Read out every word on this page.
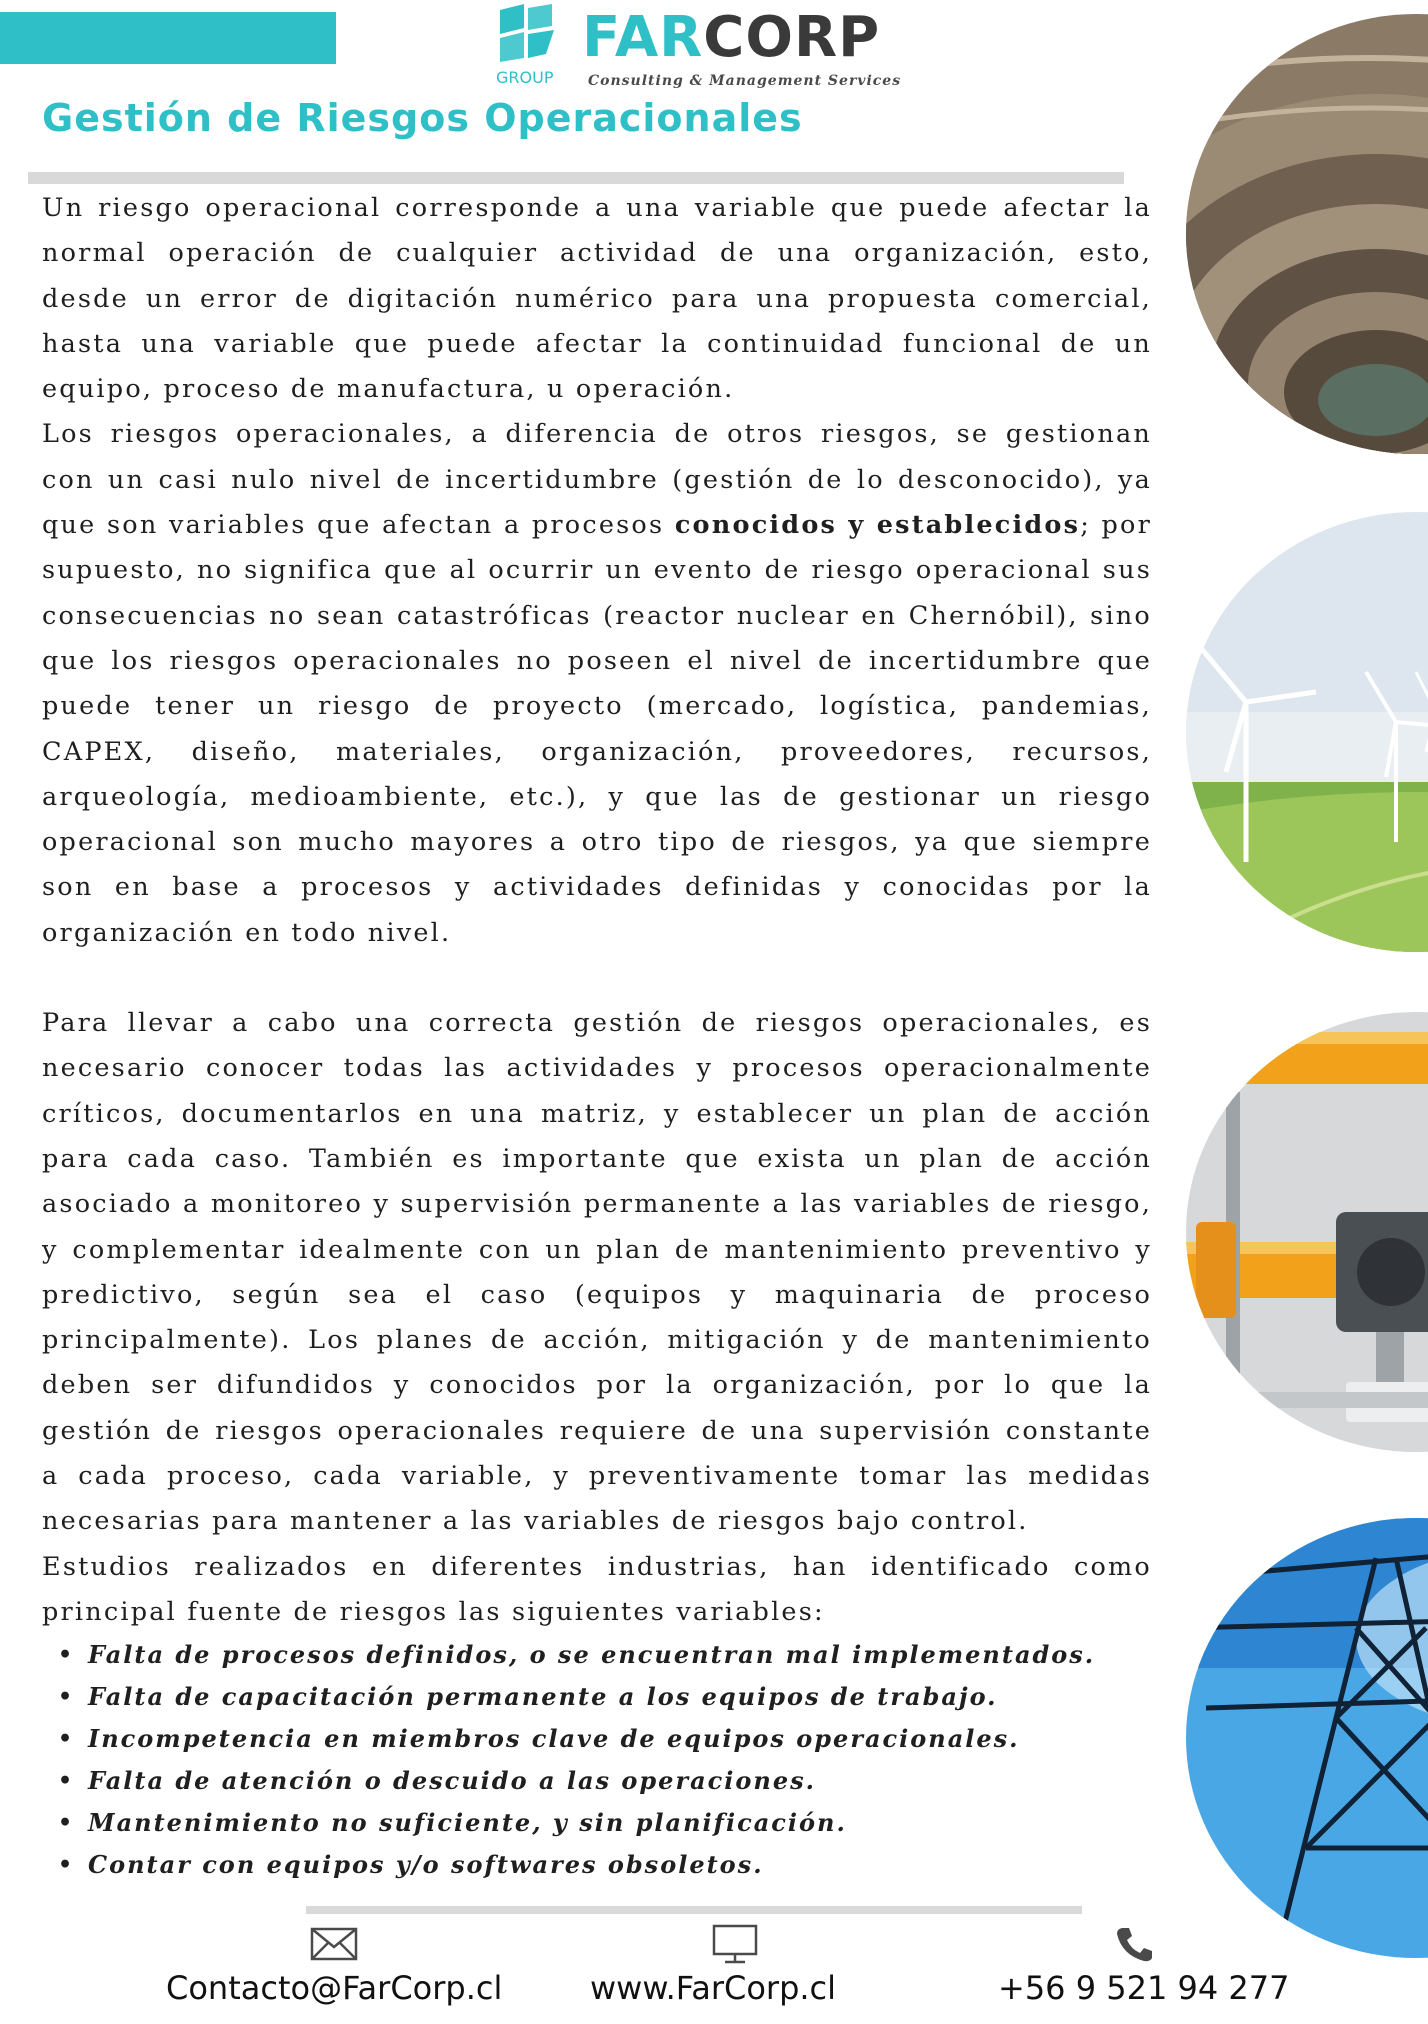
FARCORP
GROUP Consulting & Management Services
Gestión de Riesgos Operacionales

Un riesgo operacional corresponde a una variable que puede afectar la normal operación de cualquier actividad de una organización, esto, desde un error de digitación numérico para una propuesta comercial, hasta una variable que puede afectar la continuidad funcional de un equipo, proceso de manufactura, u operación.

Los riesgos operacionales, a diferencia de otros riesgos, se gestionan con un casi nulo nivel de incertidumbre (gestión de lo desconocido), ya que son variables que afectan a procesos conocidos y establecidos; por supuesto, no significa que al ocurrir un evento de riesgo operacional sus consecuencias no sean catastróficas (reactor nuclear en Chernóbil), sino que los riesgos operacionales no poseen el nivel de incertidumbre que puede tener un riesgo de proyecto (mercado, logística, pandemias, CAPEX, diseño, materiales, organización, proveedores, recursos, arqueología, medioambiente, etc.), y que las de gestionar un riesgo operacional son mucho mayores a otro tipo de riesgos, ya que siempre son en base a procesos y actividades definidas y conocidas por la organización en todo nivel.

Para llevar a cabo una correcta gestión de riesgos operacionales, es necesario conocer todas las actividades y procesos operacionalmente críticos, documentarlos en una matriz, y establecer un plan de acción para cada caso. También es importante que exista un plan de acción asociado a monitoreo y supervisión permanente a las variables de riesgo, y complementar idealmente con un plan de mantenimiento preventivo y predictivo, según sea el caso (equipos y maquinaria de proceso principalmente). Los planes de acción, mitigación y de mantenimiento deben ser difundidos y conocidos por la organización, por lo que la gestión de riesgos operacionales requiere de una supervisión constante a cada proceso, cada variable, y preventivamente tomar las medidas necesarias para mantener a las variables de riesgos bajo control.

Estudios realizados en diferentes industrias, han identificado como principal fuente de riesgos las siguientes variables:

• Falta de procesos definidos, o se encuentran mal implementados.
• Falta de capacitación permanente a los equipos de trabajo.
• Incompetencia en miembros clave de equipos operacionales.
• Falta de atención o descuido a las operaciones.
• Mantenimiento no suficiente, y sin planificación.
• Contar con equipos y/o softwares obsoletos.
Contacto@FarCorp.cl	www.FarCorp.cl	+56 9 521 94 277
